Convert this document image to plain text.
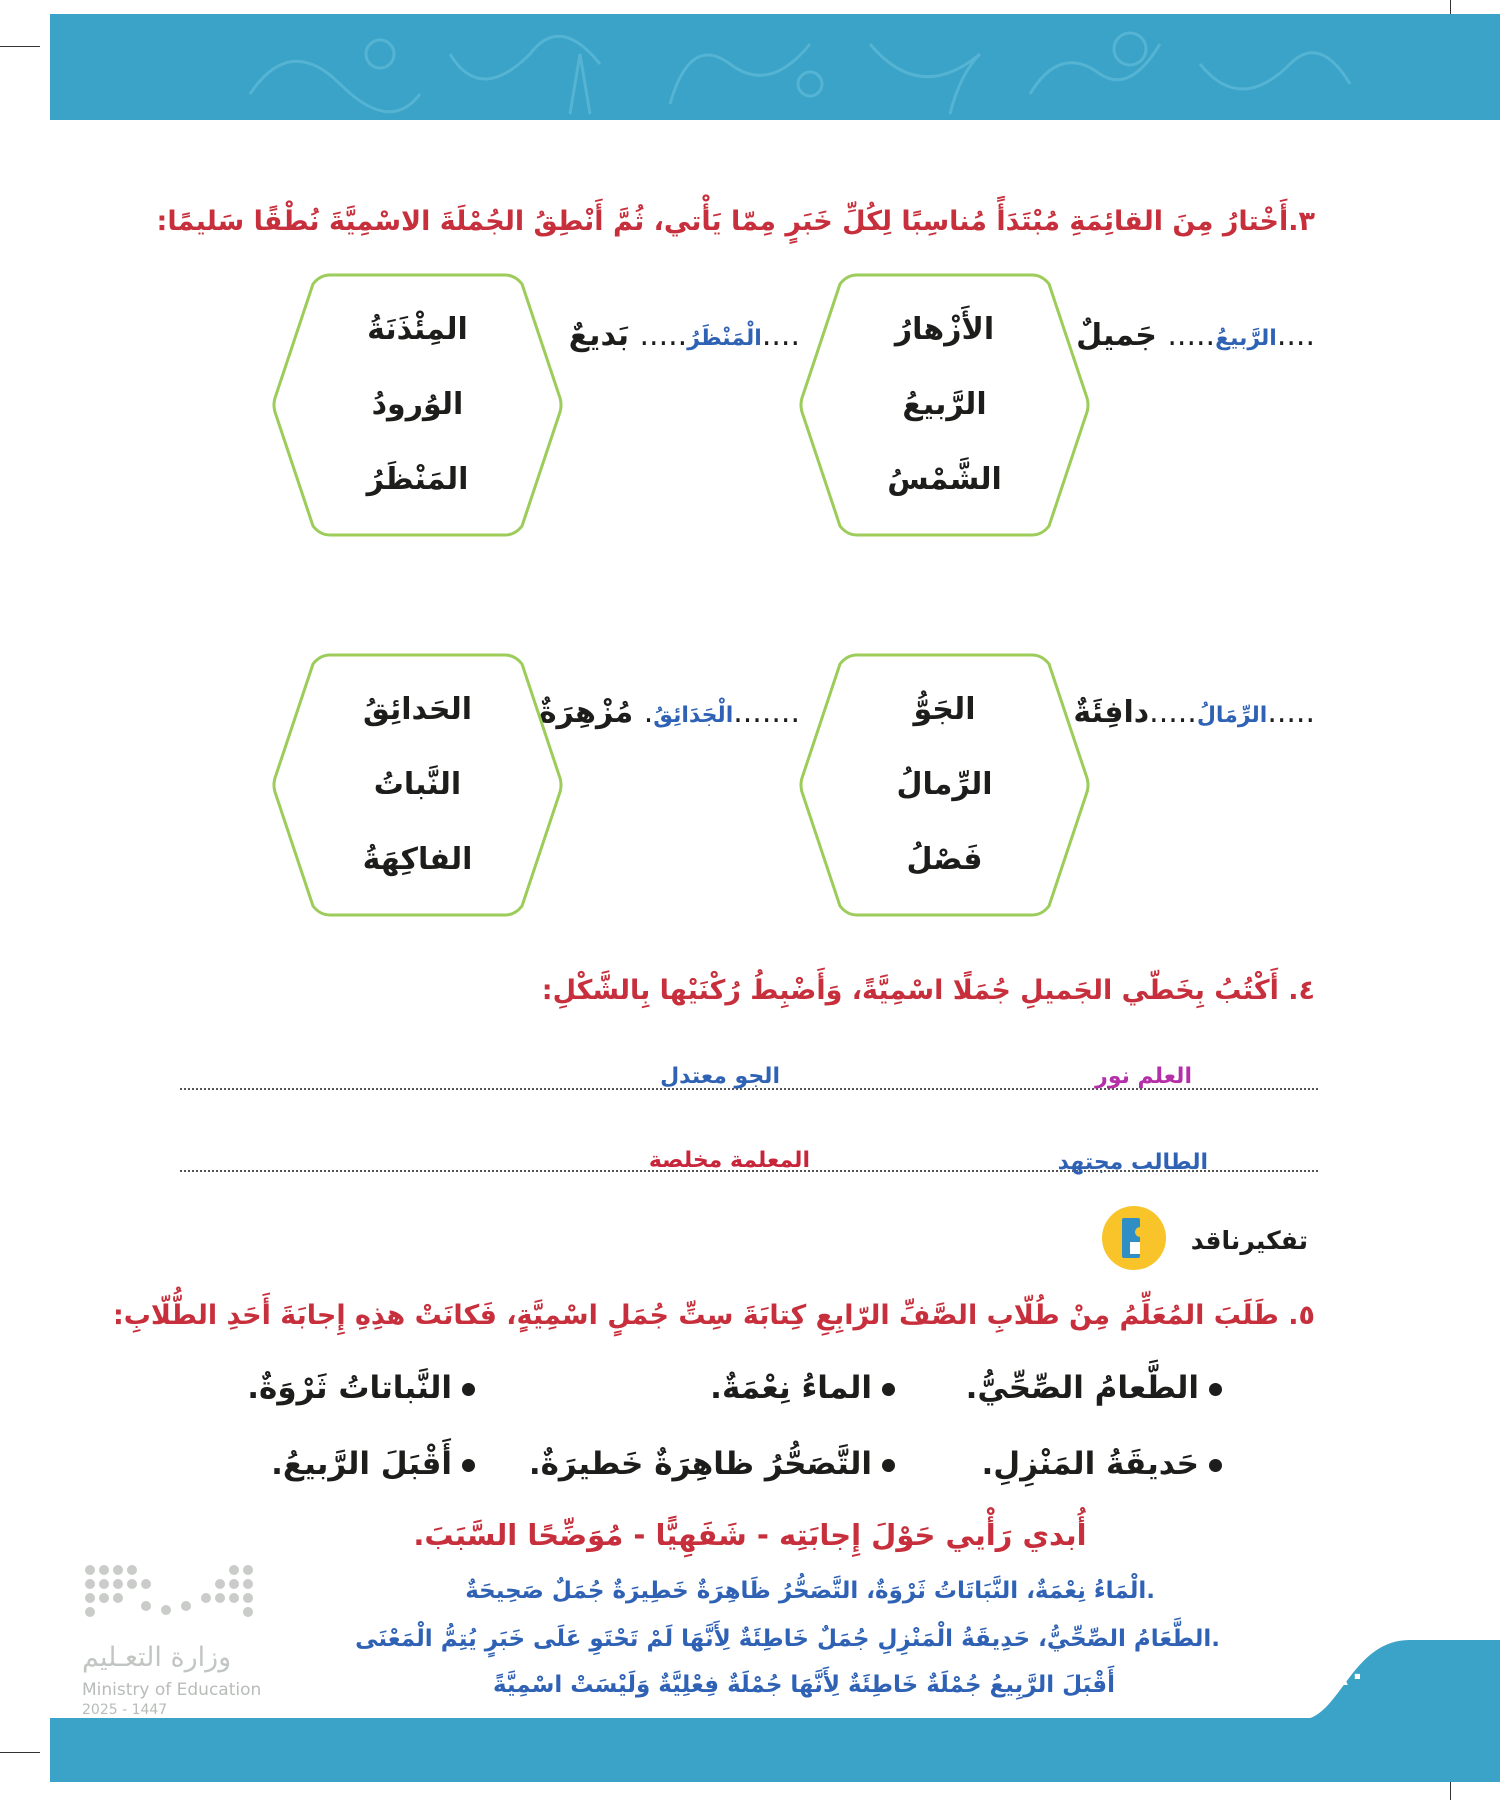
٣.أَخْتارُ مِنَ القائِمَةِ مُبْتَدَأً مُناسِبًا لِكُلِّ خَبَرٍ مِمّا يَأْتي، ثُمَّ أَنْطِقُ الجُمْلَةَ الاسْمِيَّةَ نُطْقًا سَليمًا:
....الرَّبيعُ..... جَميلٌ
....الْمَنْظَرُ..... بَديعٌ	الأَزْهارُ
الرَّبيعُ
الشَّمْسُ
المِئْذَنَةُ
الوُرودُ
المَنْظَرُ
.....الرِّمَالُ.....دافِئَةٌ
.......الْجَدَائِقُ. مُزْهِرَةٌ	الجَوُّ
الرِّمالُ
فَصْلُ
الحَدائِقُ
النَّباتُ
الفاكِهَةُ
٤. أَكْتُبُ بِخَطّي الجَميلِ جُمَلًا اسْمِيَّةً، وَأَضْبِطُ رُكْنَيْها بِالشَّكْلِ:
العلم نور
الجو معتدل
الطالب مجتهد
المعلمة مخلصة
تفكيرناقد
٥. طَلَبَ المُعَلِّمُ مِنْ طُلّابِ الصَّفِّ الرّابِعِ كِتابَةَ سِتِّ جُمَلٍ اسْمِيَّةٍ، فَكانَتْ هذِهِ إِجابَةَ أَحَدِ الطُّلّابِ:
الطَّعامُ الصِّحِّيُّ.
الماءُ نِعْمَةٌ.
النَّباتاتُ ثَرْوَةٌ.
حَديقَةُ المَنْزِلِ.
التَّصَحُّرُ ظاهِرَةٌ خَطيرَةٌ.
أَقْبَلَ الرَّبيعُ.
أُبدي رَأْيي حَوْلَ إِجابَتِه - شَفَهِيًّا - مُوَضِّحًا السَّبَبَ.
.الْمَاءُ نِعْمَةٌ، النَّبَاتَاتُ ثَرْوَةٌ، التَّصَحُّرُ ظَاهِرَةٌ خَطِيرَةٌ جُمَلٌ صَحِيحَةٌ
.الطَّعَامُ الصِّحِّيُّ، حَدِيقَةُ الْمَنْزِلِ جُمَلٌ خَاطِئَةٌ لِأَنَّهَا لَمْ تَحْتَوِ عَلَى خَبَرٍ يُتِمُّ الْمَعْنَى
أَقْبَلَ الرَّبِيعُ جُمْلَةٌ خَاطِئَةٌ لِأَنَّهَا جُمْلَةٌ فِعْلِيَّةٌ وَلَيْسَتْ اسْمِيَّةً
وزارة التعـليم
Ministry of Education
2025 - 1447
٨٠
